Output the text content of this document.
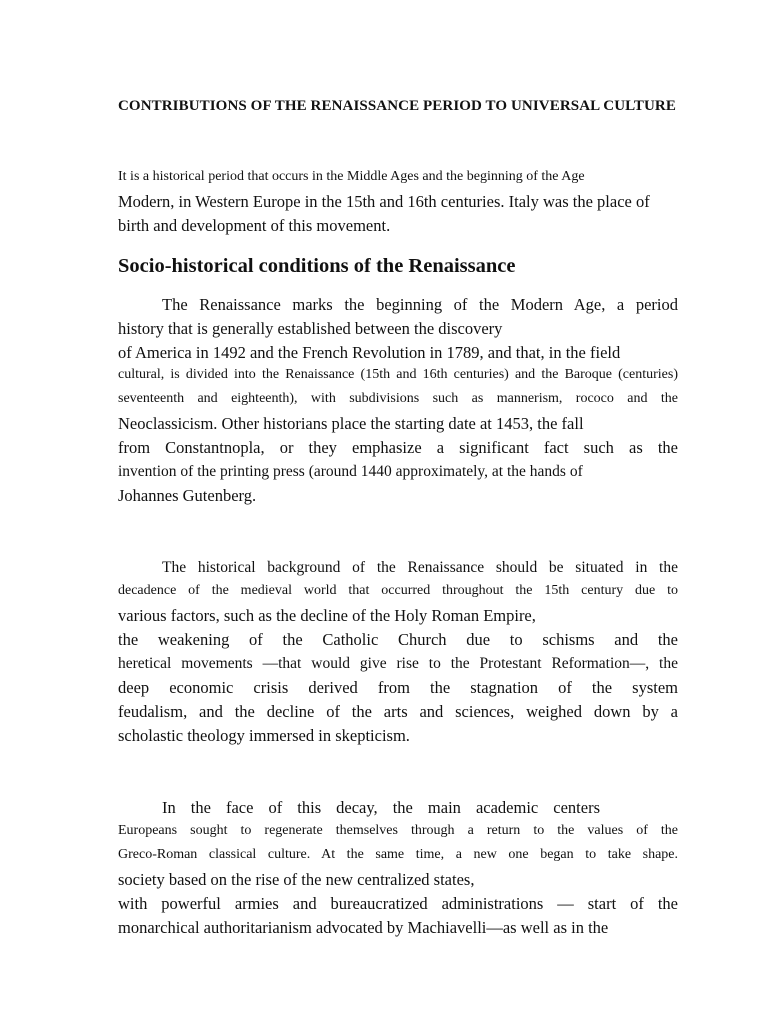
CONTRIBUTIONS OF THE RENAISSANCE PERIOD TO UNIVERSAL CULTURE
It is a historical period that occurs in the Middle Ages and the beginning of the Age
Modern, in Western Europe in the 15th and 16th centuries. Italy was the place of
birth and development of this movement.
Socio-historical conditions of the Renaissance
The Renaissance marks the beginning of the Modern Age, a period
history that is generally established between the discovery
of America in 1492 and the French Revolution in 1789, and that, in the field
cultural, is divided into the Renaissance (15th and 16th centuries) and the Baroque (centuries)
seventeenth and eighteenth), with subdivisions such as mannerism, rococo and the
Neoclassicism. Other historians place the starting date at 1453, the fall
from Constantnopla, or they emphasize a significant fact such as the
invention of the printing press (around 1440 approximately, at the hands of
Johannes Gutenberg.
The historical background of the Renaissance should be situated in the
decadence of the medieval world that occurred throughout the 15th century due to
various factors, such as the decline of the Holy Roman Empire,
the weakening of the Catholic Church due to schisms and the
heretical movements —that would give rise to the Protestant Reformation—, the
deep economic crisis derived from the stagnation of the system
feudalism, and the decline of the arts and sciences, weighed down by a
scholastic theology immersed in skepticism.
In the face of this decay, the main academic centers
Europeans sought to regenerate themselves through a return to the values of the
Greco-Roman classical culture. At the same time, a new one began to take shape.
society based on the rise of the new centralized states,
with powerful armies and bureaucratized administrations — start of the
monarchical authoritarianism advocated by Machiavelli—as well as in the
